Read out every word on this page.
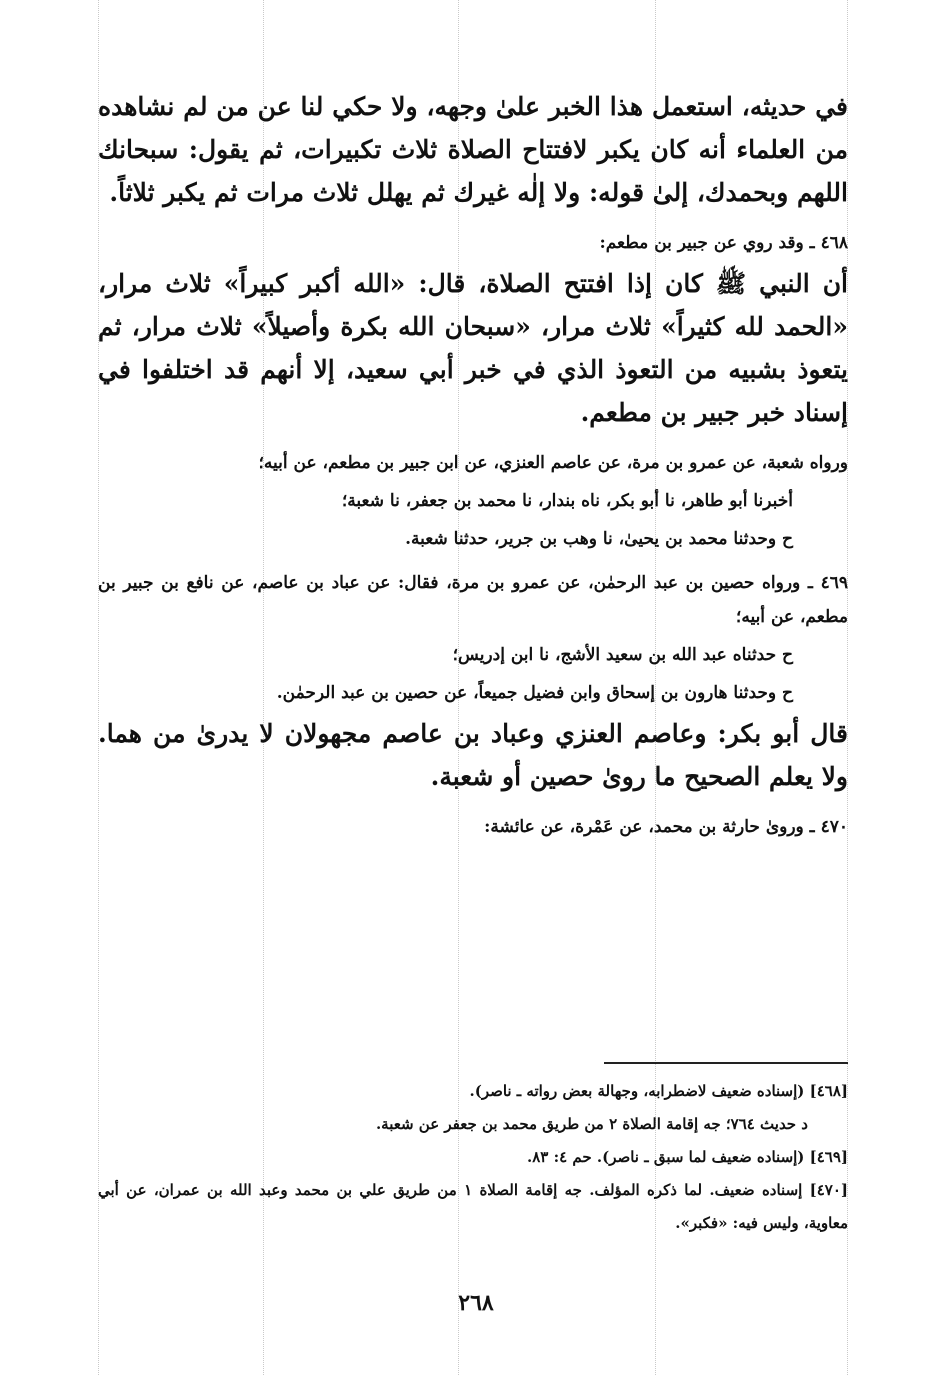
في حديثه، استعمل هذا الخبر علىٰ وجهه، ولا حكي لنا عن من لم نشاهده من العلماء أنه كان يكبر لافتتاح الصلاة ثلاث تكبيرات، ثم يقول: سبحانك اللهم وبحمدك، إلىٰ قوله: ولا إلٰه غيرك ثم يهلل ثلاث مرات ثم يكبر ثلاثاً.

٤٦٨ ـ وقد روي عن جبير بن مطعم:

أن النبي ﷺ كان إذا افتتح الصلاة، قال: «الله أكبر كبيراً» ثلاث مرار، «الحمد لله كثيراً» ثلاث مرار، «سبحان الله بكرة وأصيلاً» ثلاث مرار، ثم يتعوذ بشبيه من التعوذ الذي في خبر أبي سعيد، إلا أنهم قد اختلفوا في إسناد خبر جبير بن مطعم.

ورواه شعبة، عن عمرو بن مرة، عن عاصم العنزي، عن ابن جبير بن مطعم، عن أبيه؛

أخبرنا أبو طاهر، نا أبو بكر، ناه بندار، نا محمد بن جعفر، نا شعبة؛

ح وحدثنا محمد بن يحيىٰ، نا وهب بن جرير، حدثنا شعبة.

٤٦٩ ـ ورواه حصين بن عبد الرحمٰن، عن عمرو بن مرة، فقال: عن عباد بن عاصم، عن نافع بن جبير بن مطعم، عن أبيه؛

ح حدثناه عبد الله بن سعيد الأشج، نا ابن إدريس؛

ح وحدثنا هارون بن إسحاق وابن فضيل جميعاً، عن حصين بن عبد الرحمٰن.

قال أبو بكر: وعاصم العنزي وعباد بن عاصم مجهولان لا يدرىٰ من هما. ولا يعلم الصحيح ما روىٰ حصين أو شعبة.

٤٧٠ ـ وروىٰ حارثة بن محمد، عن عَمْرة، عن عائشة:

[٤٦٨] (إسناده ضعيف لاضطرابه، وجهالة بعض رواته ـ ناصر).

د حديث ٧٦٤؛ جه إقامة الصلاة ٢ من طريق محمد بن جعفر عن شعبة.

[٤٦٩] (إسناده ضعيف لما سبق ـ ناصر). حم ٤: ٨٣.

[٤٧٠] إسناده ضعيف. لما ذكره المؤلف. جه إقامة الصلاة ١ من طريق علي بن محمد وعبد الله بن عمران، عن أبي معاوية، وليس فيه: «فكبر».

٢٦٨
